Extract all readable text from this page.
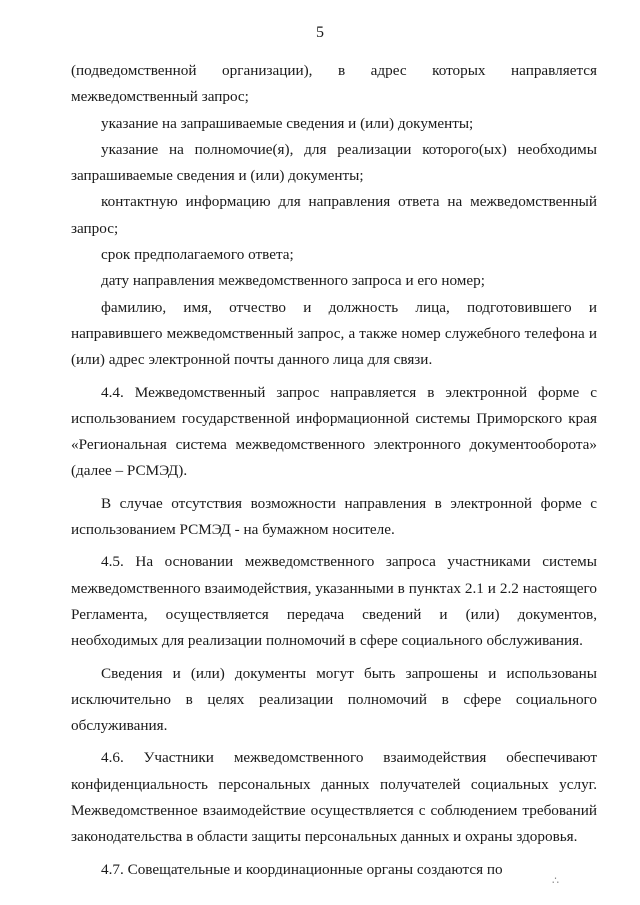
5

(подведомственной организации), в адрес которых направляется межведомственный запрос;

указание на запрашиваемые сведения и (или) документы;

указание на полномочие(я), для реализации которого(ых) необходимы запрашиваемые сведения и (или) документы;

контактную информацию для направления ответа на межведомственный запрос;

срок предполагаемого ответа;

дату направления межведомственного запроса и его номер;

фамилию, имя, отчество и должность лица, подготовившего и направившего межведомственный запрос, а также номер служебного телефона и (или) адрес электронной почты данного лица для связи.

4.4. Межведомственный запрос направляется в электронной форме с использованием государственной информационной системы Приморского края «Региональная система межведомственного электронного документооборота» (далее – РСМЭД).

В случае отсутствия возможности направления в электронной форме с использованием РСМЭД - на бумажном носителе.

4.5. На основании межведомственного запроса участниками системы межведомственного взаимодействия, указанными в пунктах 2.1 и 2.2 настоящего Регламента, осуществляется передача сведений и (или) документов, необходимых для реализации полномочий в сфере социального обслуживания.

Сведения и (или) документы могут быть запрошены и использованы исключительно в целях реализации полномочий в сфере социального обслуживания.

4.6. Участники межведомственного взаимодействия обеспечивают конфиденциальность персональных данных получателей социальных услуг. Межведомственное взаимодействие осуществляется с соблюдением требований законодательства в области защиты персональных данных и охраны здоровья.

4.7. Совещательные и координационные органы создаются по

∴
